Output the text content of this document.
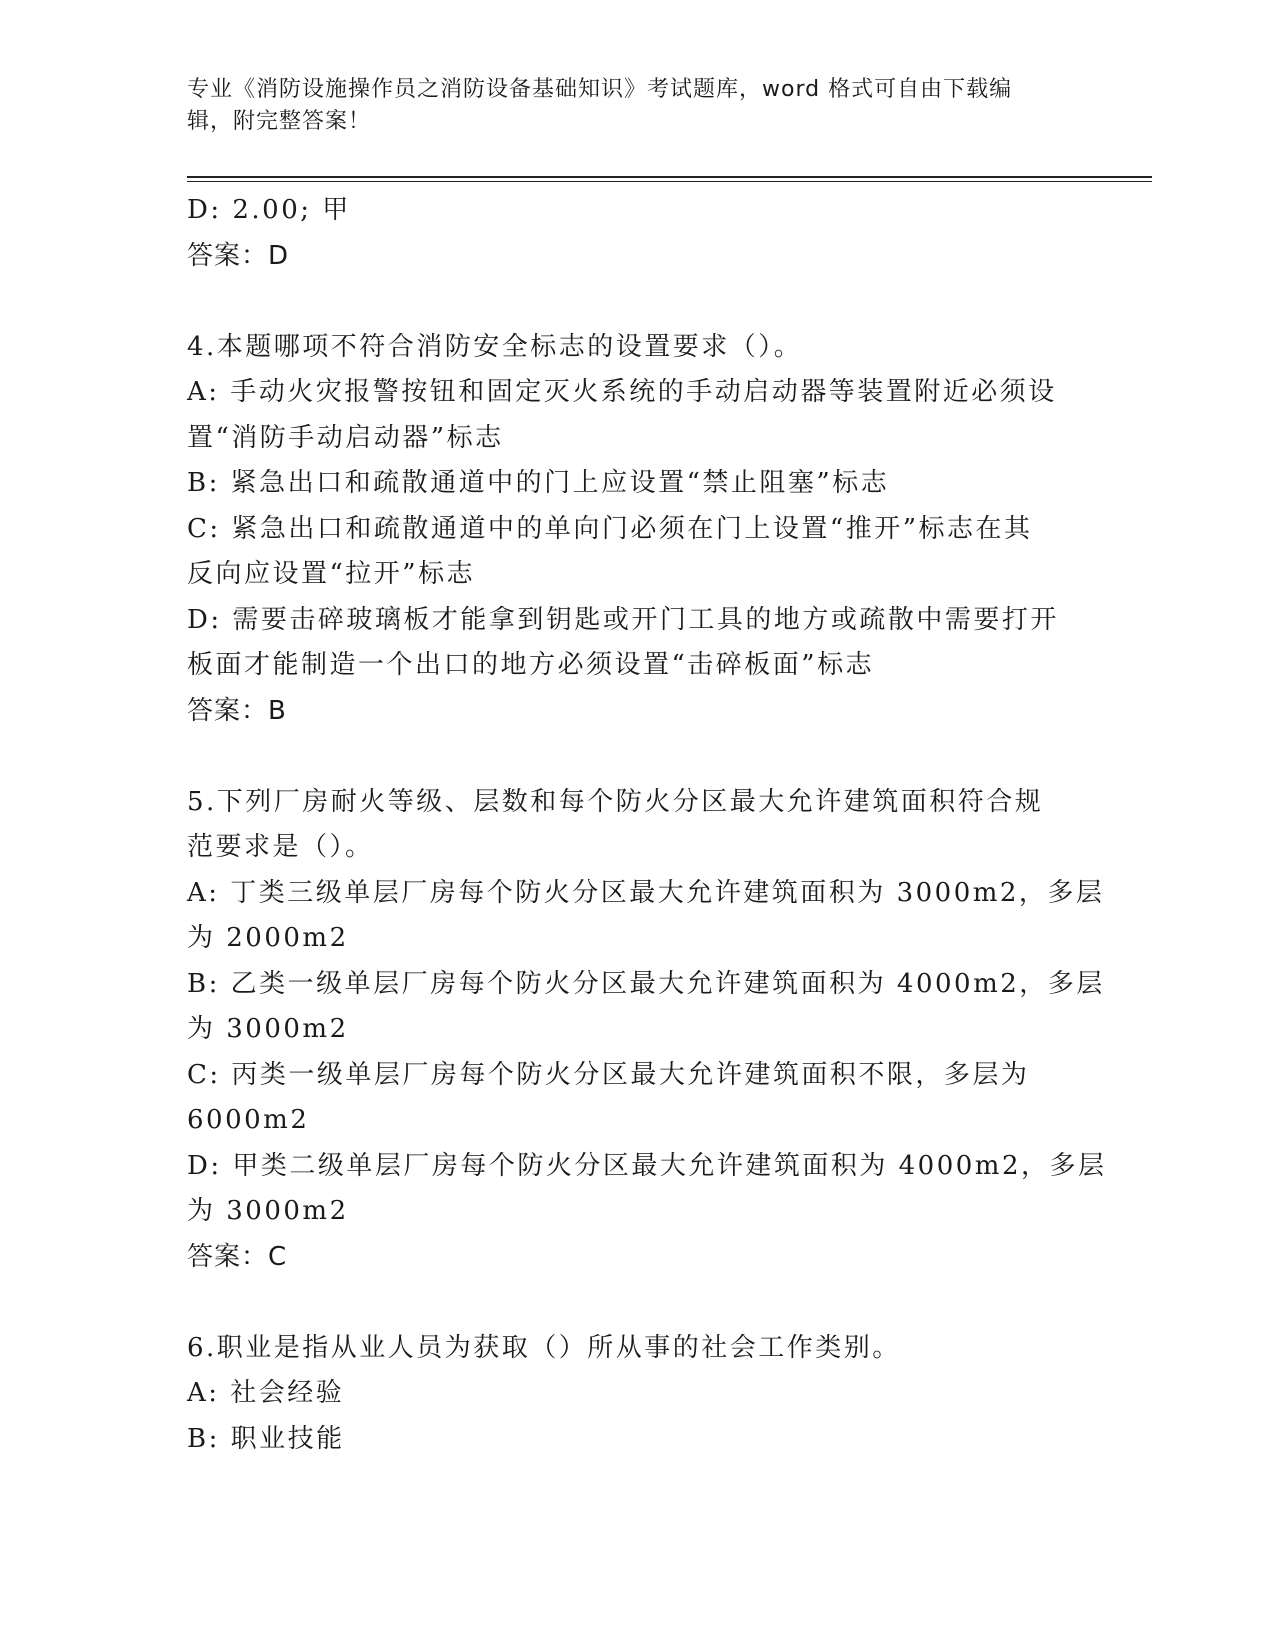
专业《消防设施操作员之消防设备基础知识》考试题库，word 格式可自由下载编
辑，附完整答案！
D: 2.00; 甲
答案：D
4.本题哪项不符合消防安全标志的设置要求（）。
A: 手动火灾报警按钮和固定灭火系统的手动启动器等装置附近必须设
置“消防手动启动器”标志
B: 紧急出口和疏散通道中的门上应设置“禁止阻塞”标志
C: 紧急出口和疏散通道中的单向门必须在门上设置“推开”标志在其
反向应设置“拉开”标志
D: 需要击碎玻璃板才能拿到钥匙或开门工具的地方或疏散中需要打开
板面才能制造一个出口的地方必须设置“击碎板面”标志
答案：B
5.下列厂房耐火等级、层数和每个防火分区最大允许建筑面积符合规
范要求是（）。
A: 丁类三级单层厂房每个防火分区最大允许建筑面积为 3000m2，多层
为 2000m2
B: 乙类一级单层厂房每个防火分区最大允许建筑面积为 4000m2，多层
为 3000m2
C: 丙类一级单层厂房每个防火分区最大允许建筑面积不限，多层为
6000m2
D: 甲类二级单层厂房每个防火分区最大允许建筑面积为 4000m2，多层
为 3000m2
答案：C
6.职业是指从业人员为获取（）所从事的社会工作类别。
A: 社会经验
B: 职业技能
